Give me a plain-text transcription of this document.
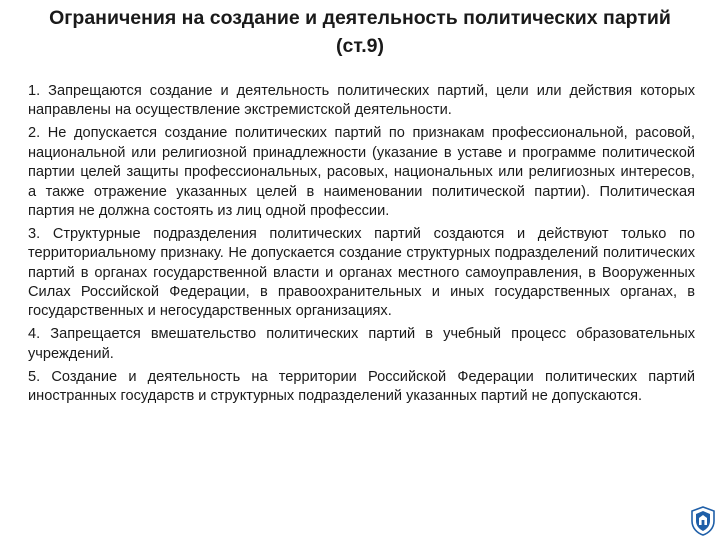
Ограничения на создание и деятельность политических партий (ст.9)

1. Запрещаются создание и деятельность политических партий, цели или действия которых направлены на осуществление экстремистской деятельности.

2. Не допускается создание политических партий по признакам профессиональной, расовой, национальной или религиозной принадлежности (указание в уставе и программе политической партии целей защиты профессиональных, расовых, национальных или религиозных интересов, а также отражение указанных целей в наименовании политической партии). Политическая партия не должна состоять из лиц одной профессии.

3. Структурные подразделения политических партий создаются и действуют только по территориальному признаку. Не допускается создание структурных подразделений политических партий в органах государственной власти и органах местного самоуправления, в Вооруженных Силах Российской Федерации, в правоохранительных и иных государственных органах, в государственных и негосударственных организациях.

4. Запрещается вмешательство политических партий в учебный процесс образовательных учреждений.

5. Создание и деятельность на территории Российской Федерации политических партий иностранных государств и структурных подразделений указанных партий не допускаются.
